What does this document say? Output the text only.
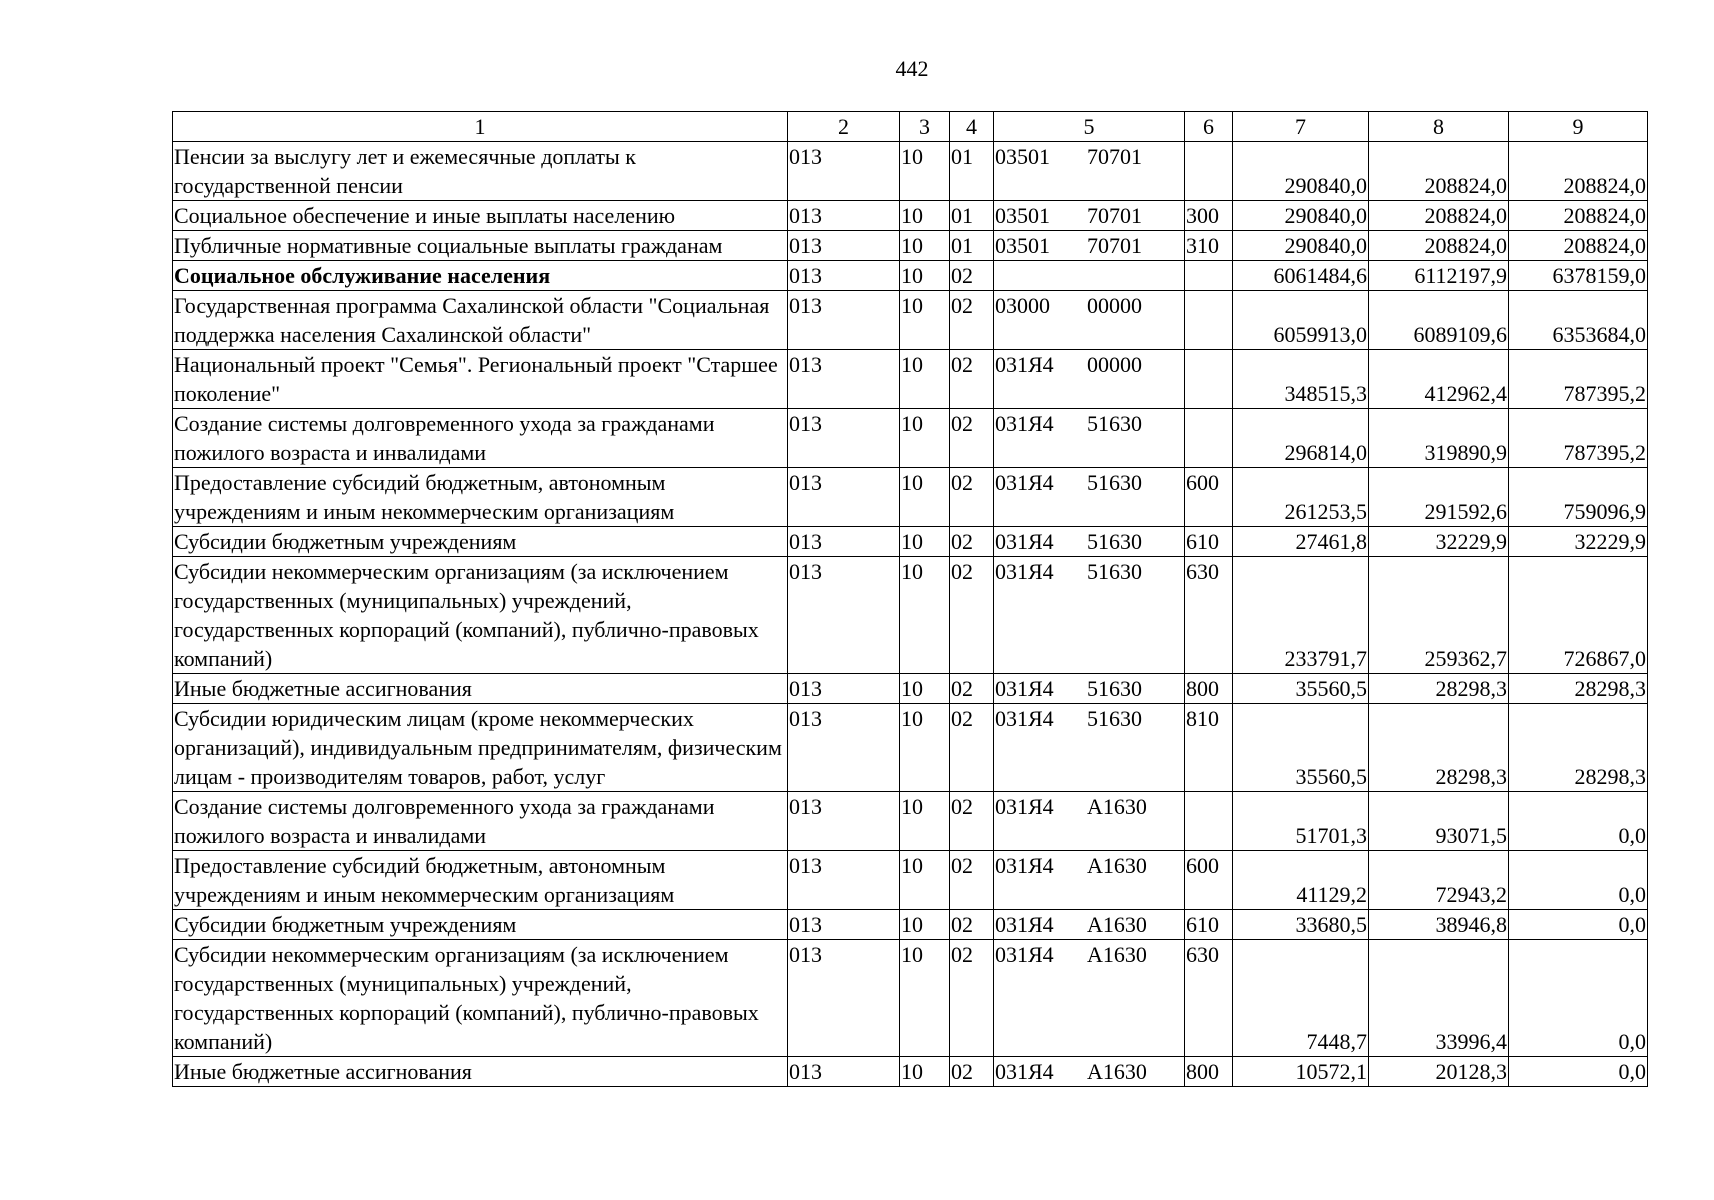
442
1	2	3	4	5	6	7	8	9
Пенсии за выслугу лет и ежемесячные доплаты к государственной пенсии	013	10	01	03501 70701		290840,0	208824,0	208824,0
Социальное обеспечение и иные выплаты населению	013	10	01	03501 70701	300	290840,0	208824,0	208824,0
Публичные нормативные социальные выплаты гражданам	013	10	01	03501 70701	310	290840,0	208824,0	208824,0
Социальное обслуживание населения	013	10	02			6061484,6	6112197,9	6378159,0
Государственная программа Сахалинской области "Социальная поддержка населения Сахалинской области"	013	10	02	03000 00000		6059913,0	6089109,6	6353684,0
Национальный проект "Семья". Региональный проект "Старшее поколение"	013	10	02	031Я4 00000		348515,3	412962,4	787395,2
Создание системы долговременного ухода за гражданами пожилого возраста и инвалидами	013	10	02	031Я4 51630		296814,0	319890,9	787395,2
Предоставление субсидий бюджетным, автономным учреждениям и иным некоммерческим организациям	013	10	02	031Я4 51630	600	261253,5	291592,6	759096,9
Субсидии бюджетным учреждениям	013	10	02	031Я4 51630	610	27461,8	32229,9	32229,9
Субсидии некоммерческим организациям (за исключением государственных (муниципальных) учреждений, государственных корпораций (компаний), публично-правовых компаний)	013	10	02	031Я4 51630	630	233791,7	259362,7	726867,0
Иные бюджетные ассигнования	013	10	02	031Я4 51630	800	35560,5	28298,3	28298,3
Субсидии юридическим лицам (кроме некоммерческих организаций), индивидуальным предпринимателям, физическим лицам - производителям товаров, работ, услуг	013	10	02	031Я4 51630	810	35560,5	28298,3	28298,3
Создание системы долговременного ухода за гражданами пожилого возраста и инвалидами	013	10	02	031Я4 А1630		51701,3	93071,5	0,0
Предоставление субсидий бюджетным, автономным учреждениям и иным некоммерческим организациям	013	10	02	031Я4 А1630	600	41129,2	72943,2	0,0
Субсидии бюджетным учреждениям	013	10	02	031Я4 А1630	610	33680,5	38946,8	0,0
Субсидии некоммерческим организациям (за исключением государственных (муниципальных) учреждений, государственных корпораций (компаний), публично-правовых компаний)	013	10	02	031Я4 А1630	630	7448,7	33996,4	0,0
Иные бюджетные ассигнования	013	10	02	031Я4 А1630	800	10572,1	20128,3	0,0
